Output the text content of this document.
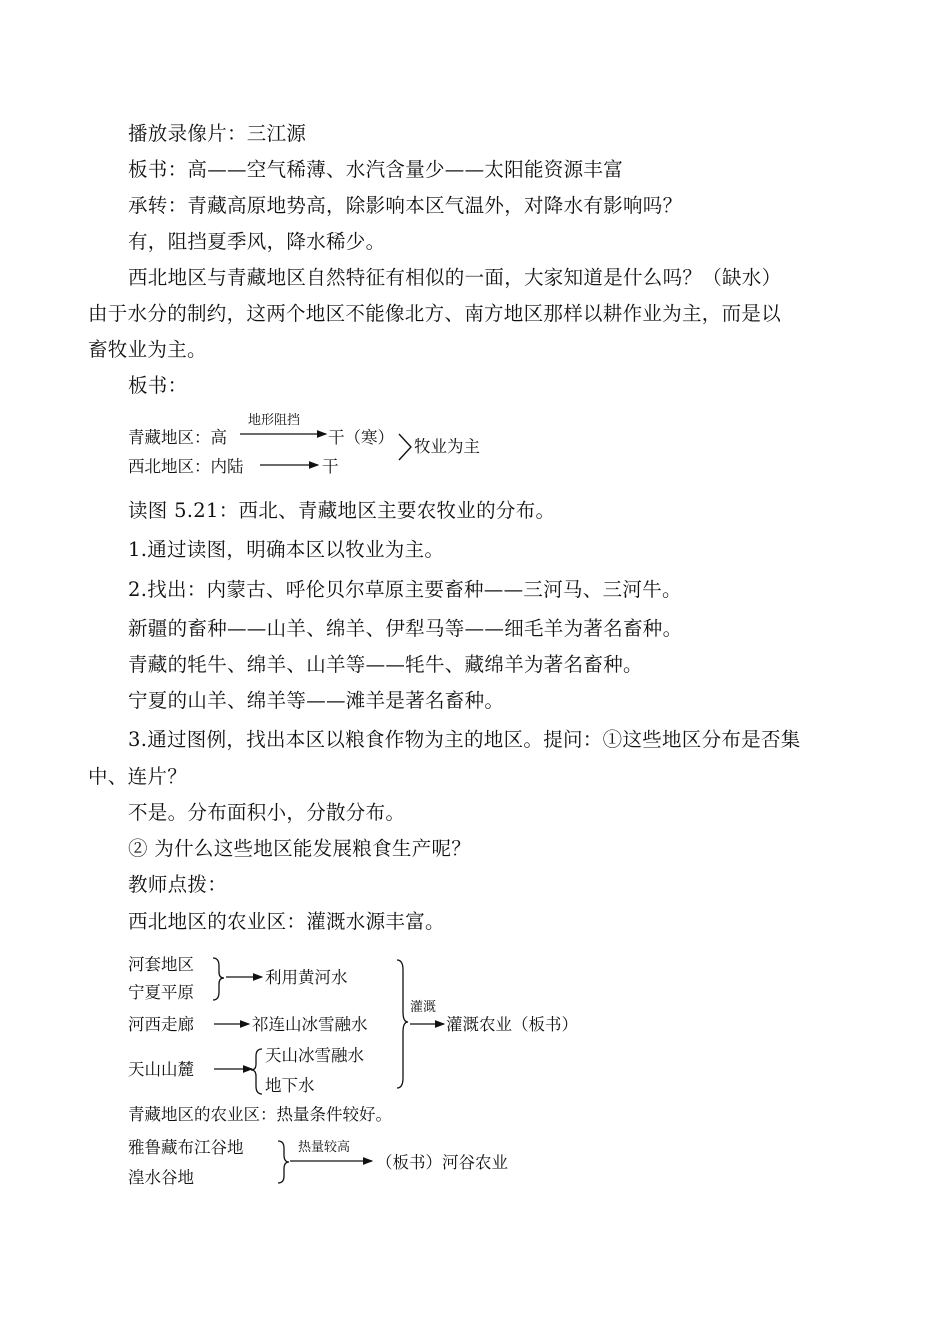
播放录像片：三江源
板书：高——空气稀薄、水汽含量少——太阳能资源丰富
承转：青藏高原地势高，除影响本区气温外，对降水有影响吗？
有，阻挡夏季风，降水稀少。
西北地区与青藏地区自然特征有相似的一面，大家知道是什么吗？（缺水）
由于水分的制约，这两个地区不能像北方、南方地区那样以耕作业为主，而是以
畜牧业为主。
板书：
青藏地区：高
地形阻挡
干（寒）
西北地区：内陆	干
牧业为主
读图 5.21：西北、青藏地区主要农牧业的分布。
1.通过读图，明确本区以牧业为主。
2.找出：内蒙古、呼伦贝尔草原主要畜种——三河马、三河牛。
新疆的畜种——山羊、绵羊、伊犁马等——细毛羊为著名畜种。
青藏的牦牛、绵羊、山羊等——牦牛、藏绵羊为著名畜种。
宁夏的山羊、绵羊等——滩羊是著名畜种。
3.通过图例，找出本区以粮食作物为主的地区。提问：①这些地区分布是否集
中、连片？
不是。分布面积小，分散分布。
② 为什么这些地区能发展粮食生产呢？
教师点拨：
西北地区的农业区：灌溉水源丰富。
河套地区
宁夏平原
利用黄河水
河西走廊	祁连山冰雪融水
天山山麓
天山冰雪融水
地下水
灌溉
灌溉农业（板书）
青藏地区的农业区：热量条件较好。
雅鲁藏布江谷地
湟水谷地
热量较高
（板书）河谷农业
